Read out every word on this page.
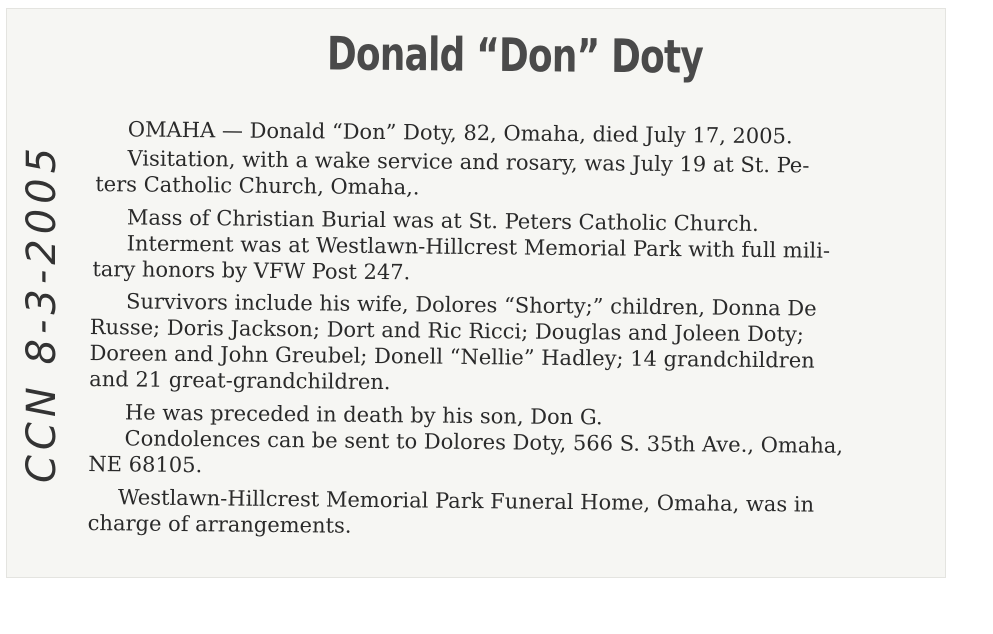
Donald “Don” Doty
OMAHA — Donald “Don” Doty, 82, Omaha, died July 17, 2005.
Visitation, with a wake service and rosary, was July 19 at St. Pe-
ters Catholic Church, Omaha,.
Mass of Christian Burial was at St. Peters Catholic Church.
Interment was at Westlawn-Hillcrest Memorial Park with full mili-
tary honors by VFW Post 247.
Survivors include his wife, Dolores “Shorty;” children, Donna De
Russe; Doris Jackson; Dort and Ric Ricci; Douglas and Joleen Doty;
Doreen and John Greubel; Donell “Nellie” Hadley; 14 grandchildren
and 21 great-grandchildren.
He was preceded in death by his son, Don G.
Condolences can be sent to Dolores Doty, 566 S. 35th Ave., Omaha,
NE 68105.
Westlawn-Hillcrest Memorial Park Funeral Home, Omaha, was in
charge of arrangements.
CCN 8-3-2005
